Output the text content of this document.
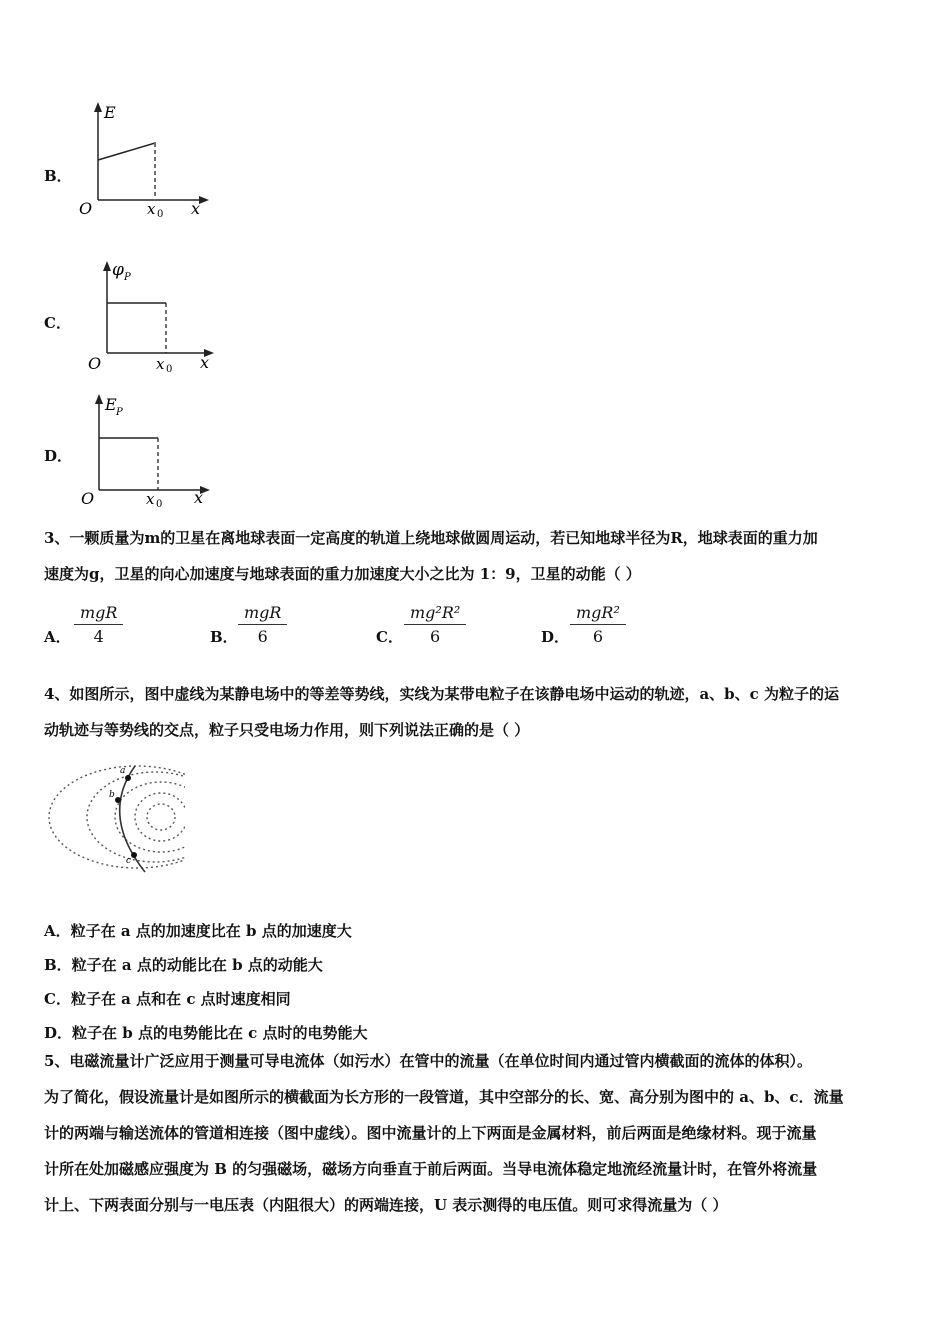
B．
E
O	x 0 x
C．
φ P
O	x 0 x
D．
E P
O	x 0 x
3、一颗质量为m的卫星在离地球表面一定高度的轨道上绕地球做圆周运动，若已知地球半径为R，地球表面的重力加
速度为g，卫星的向心加速度与地球表面的重力加速度大小之比为 1：9，卫星的动能（ ）
A．
mgR
4	B．
mgR
6	C． $\frac{\text{mg²R²}}{6}$	D．
mgR²
6
4、如图所示，图中虚线为某静电场中的等差等势线，实线为某带电粒子在该静电场中运动的轨迹，a、b、c 为粒子的运
动轨迹与等势线的交点，粒子只受电场力作用，则下列说法正确的是（ ）
a
b
c
A．粒子在 a 点的加速度比在 b 点的加速度大
B．粒子在 a 点的动能比在 b 点的动能大
C．粒子在 a 点和在 c 点时速度相同
D．粒子在 b 点的电势能比在 c 点时的电势能大
5、电磁流量计广泛应用于测量可导电流体（如污水）在管中的流量（在单位时间内通过管内横截面的流体的体积）。
为了简化，假设流量计是如图所示的横截面为长方形的一段管道，其中空部分的长、宽、高分别为图中的 a、b、c．流量
计的两端与输送流体的管道相连接（图中虚线）。图中流量计的上下两面是金属材料，前后两面是绝缘材料。现于流量
计所在处加磁感应强度为 B 的匀强磁场，磁场方向垂直于前后两面。当导电流体稳定地流经流量计时，在管外将流量
计上、下两表面分别与一电压表（内阻很大）的两端连接，U 表示测得的电压值。则可求得流量为（ ）
